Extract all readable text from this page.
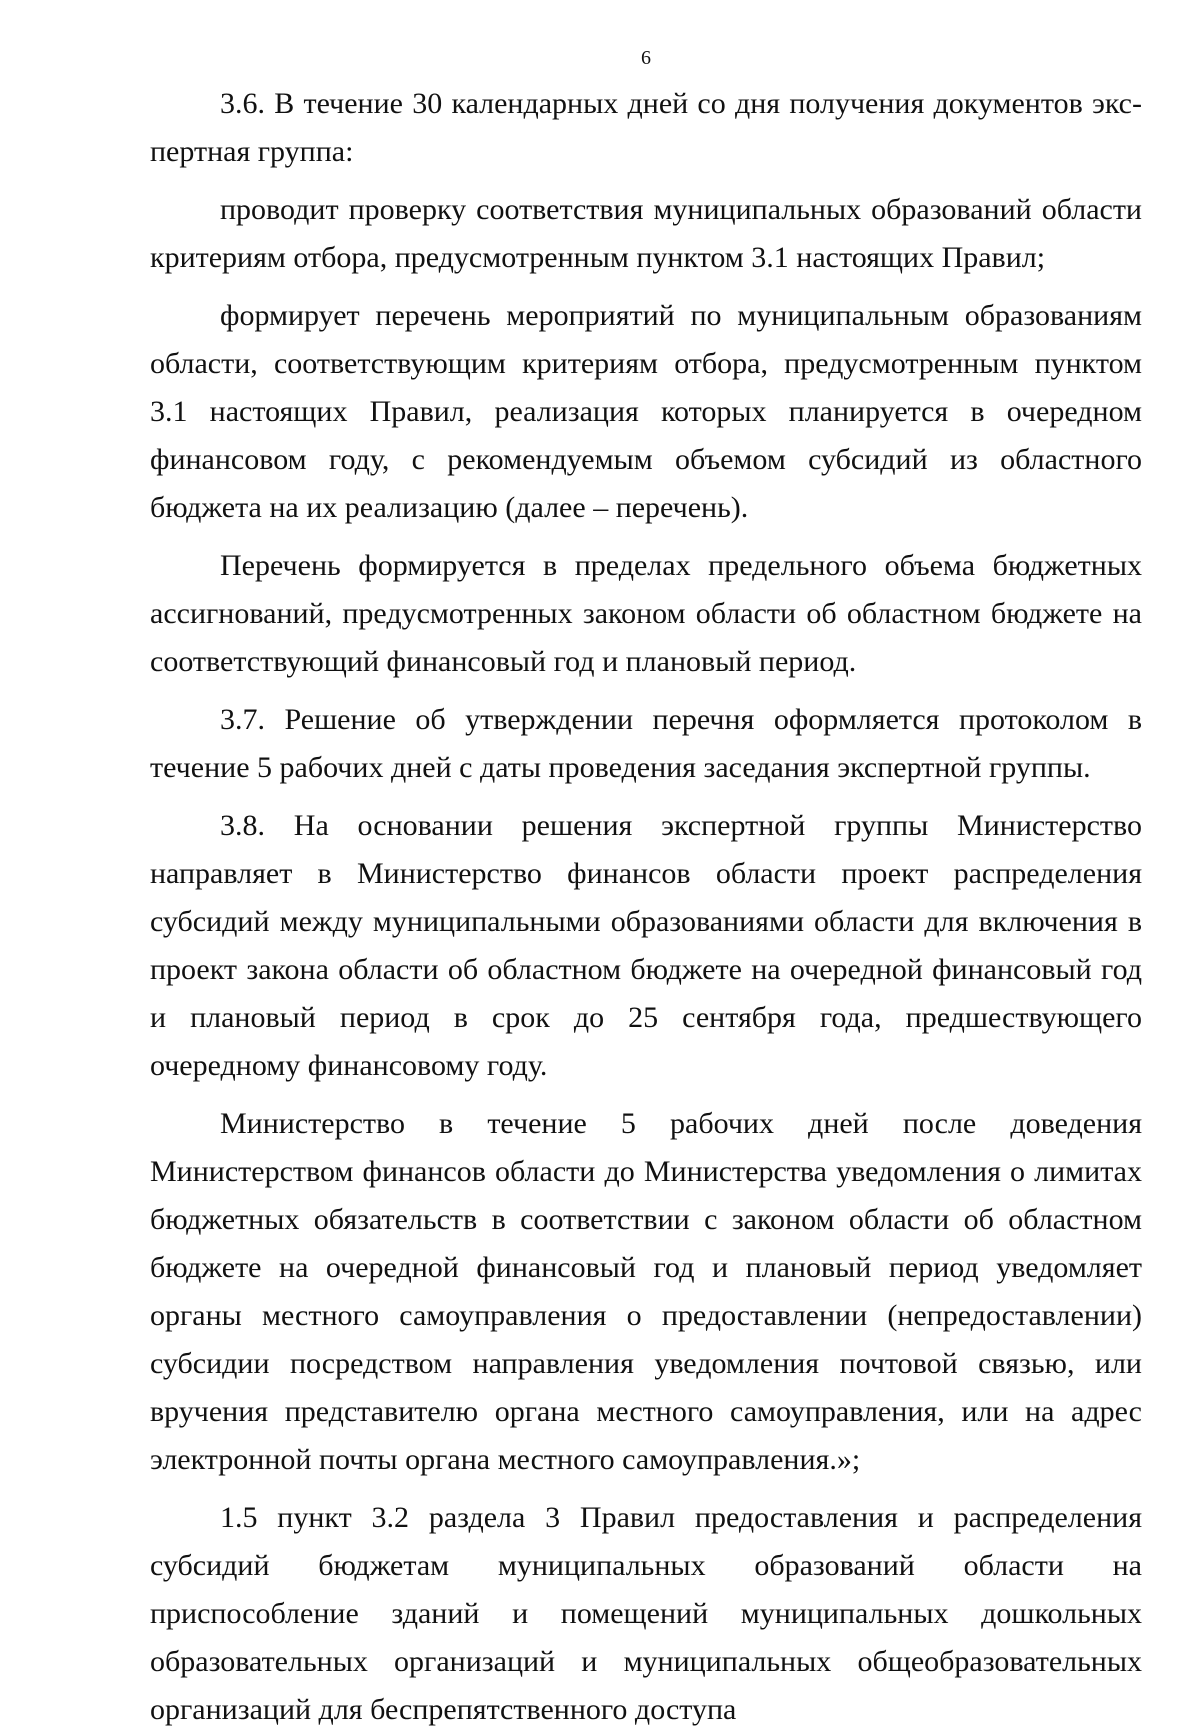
6

3.6. В течение 30 календарных дней со дня получения документов экспертная группа:

проводит проверку соответствия муниципальных образований области критериям отбора, предусмотренным пунктом 3.1 настоящих Правил;

формирует перечень мероприятий по муниципальным образованиям области, соответствующим критериям отбора, предусмотренным пунктом 3.1 настоящих Правил, реализация которых планируется в очередном финансовом году, с рекомендуемым объемом субсидий из областного бюджета на их реализацию (далее – перечень).

Перечень формируется в пределах предельного объема бюджетных ассигнований, предусмотренных законом области об областном бюджете на соответствующий финансовый год и плановый период.

3.7. Решение об утверждении перечня оформляется протоколом в течение 5 рабочих дней с даты проведения заседания экспертной группы.

3.8. На основании решения экспертной группы Министерство направляет в Министерство финансов области проект распределения субсидий между муниципальными образованиями области для включения в проект закона области об областном бюджете на очередной финансовый год и плановый период в срок до 25 сентября года, предшествующего очередному финансовому году.

Министерство в течение 5 рабочих дней после доведения Министерством финансов области до Министерства уведомления о лимитах бюджетных обязательств в соответствии с законом области об областном бюджете на очередной финансовый год и плановый период уведомляет органы местного самоуправления о предоставлении (непредоставлении) субсидии посредством направления уведомления почтовой связью, или вручения представителю органа местного самоуправления, или на адрес электронной почты органа местного самоуправления.»;

1.5 пункт 3.2 раздела 3 Правил предоставления и распределения субсидий бюджетам муниципальных образований области на приспособление зданий и помещений муниципальных дошкольных образовательных организаций и муниципальных общеобразовательных организаций для беспрепятственного доступа
